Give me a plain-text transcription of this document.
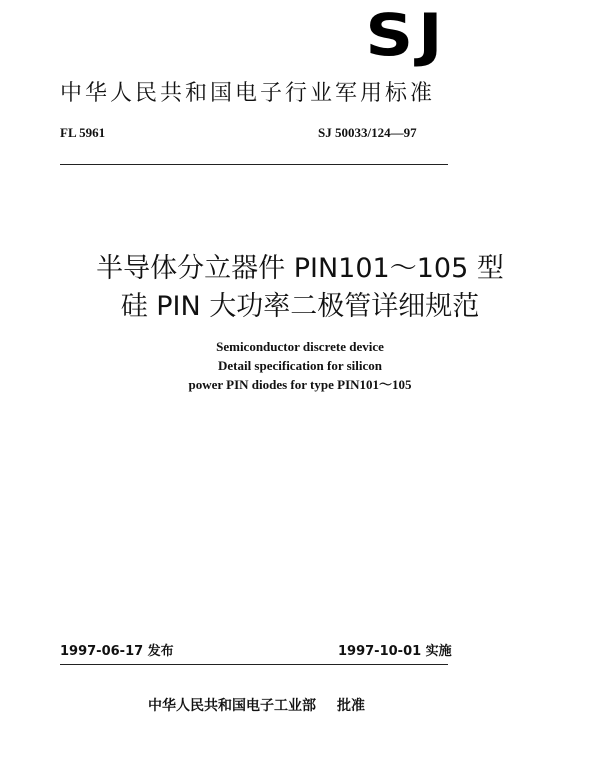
SJ
中华人民共和国电子行业军用标准
FL 5961	SJ 50033/124—97
半导体分立器件 PIN101～105 型
硅 PIN 大功率二极管详细规范
Semiconductor discrete device
Detail specification for silicon
power PIN diodes for type PIN101～105
1997-06-17 发布	1997-10-01 实施
中华人民共和国电子工业部 批准
